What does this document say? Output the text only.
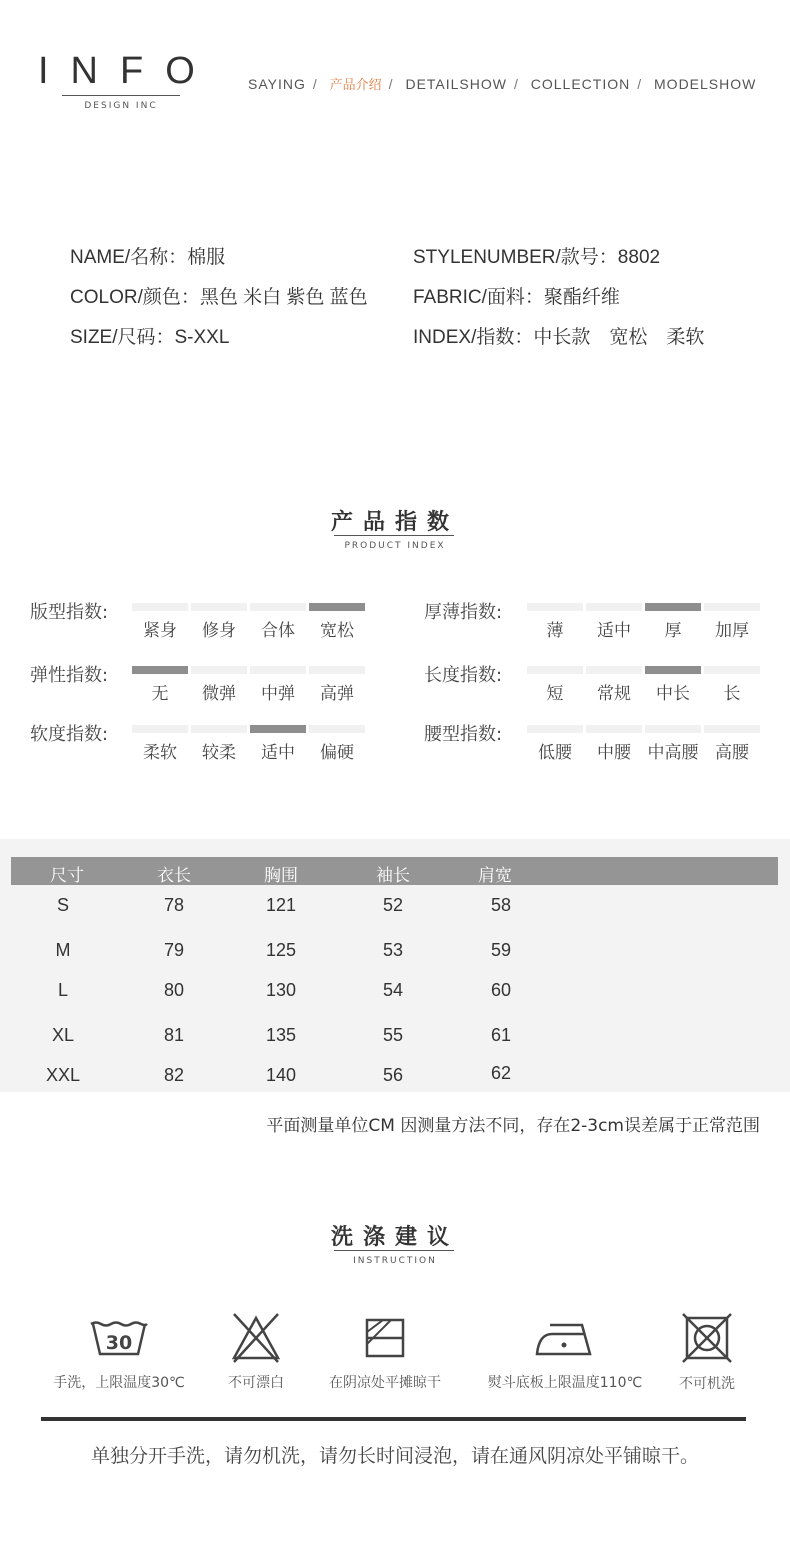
INFO
DESIGN INC
SAYING / 产品介绍 / DETAILSHOW / COLLECTION / MODELSHOW
NAME/名称：棉服
COLOR/颜色：黑色 米白 紫色 蓝色
SIZE/尺码：S-XXL
STYLENUMBER/款号：8802
FABRIC/面料：聚酯纤维
INDEX/指数：中长款　宽松　柔软
产品指数
PRODUCT INDEX
版型指数:
紧身	修身	合体	宽松
厚薄指数:
薄	适中	厚	加厚
弹性指数:
无	微弹	中弹	高弹
长度指数:
短	常规	中长	长
软度指数:
柔软	较柔	适中	偏硬
腰型指数:
低腰	中腰 中高腰 高腰
尺寸	衣长	胸围	袖长	肩宽
S	78	121	52	58
M	79	125	53	59
L	80	130	54	60
XL	81	135	55	61
XXL	82	140	56	62
平面测量单位CM 因测量方法不同，存在2-3cm误差属于正常范围
洗涤建议
INSTRUCTION
30
手洗，上限温度30℃	不可漂白	在阴凉处平摊晾干	熨斗底板上限温度110℃	不可机洗
单独分开手洗，请勿机洗，请勿长时间浸泡，请在通风阴凉处平铺晾干。
